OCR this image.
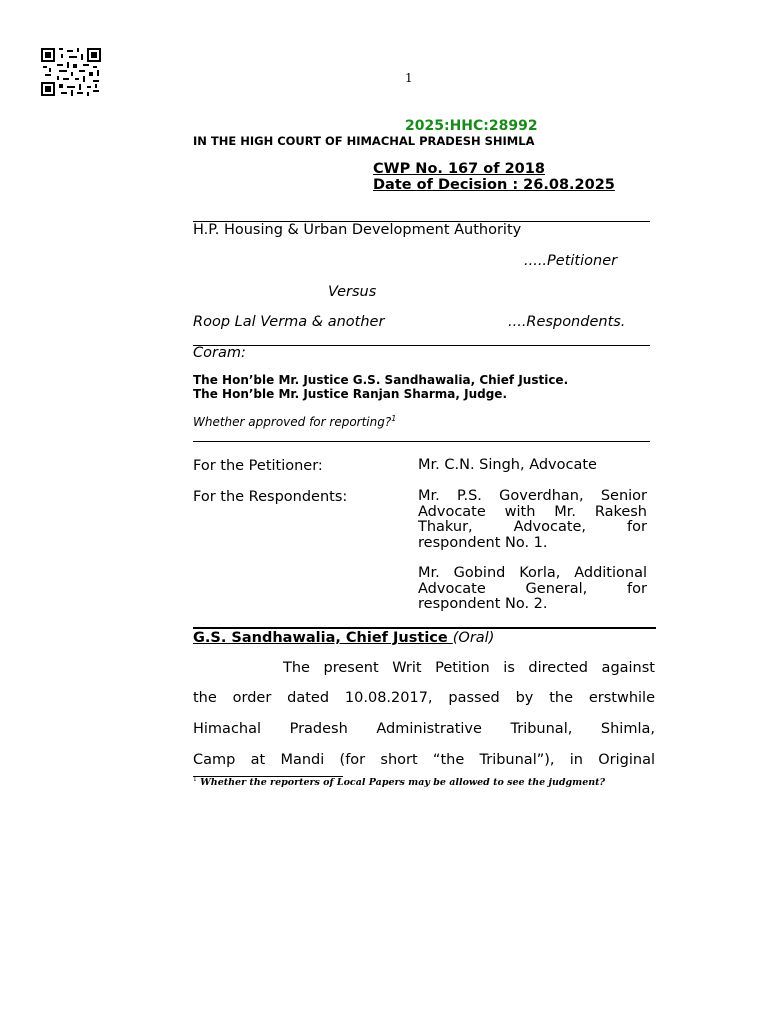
1
2025:HHC:28992
IN THE HIGH COURT OF HIMACHAL PRADESH SHIMLA
CWP No. 167 of 2018
Date of Decision : 26.08.2025
H.P. Housing & Urban Development Authority
.....Petitioner
Versus
Roop Lal Verma & another	....Respondents.
Coram:
The Hon’ble Mr. Justice G.S. Sandhawalia, Chief Justice.
The Hon’ble Mr. Justice Ranjan Sharma, Judge.
Whether approved for reporting?$^1$
For the Petitioner:	Mr. C.N. Singh, Advocate
For the Respondents:	Mr. P.S. Goverdhan, Senior
Advocate with Mr. Rakesh
Thakur, Advocate, for
respondent No. 1.
Mr. Gobind Korla, Additional
Advocate General, for
respondent No. 2.
G.S. Sandhawalia, Chief Justice (Oral)
The present Writ Petition is directed against
the order dated 10.08.2017, passed by the erstwhile
Himachal Pradesh Administrative Tribunal, Shimla,
Camp at Mandi (for short “the Tribunal”), in Original
$^1$ Whether the reporters of Local Papers may be allowed to see the judgment?
